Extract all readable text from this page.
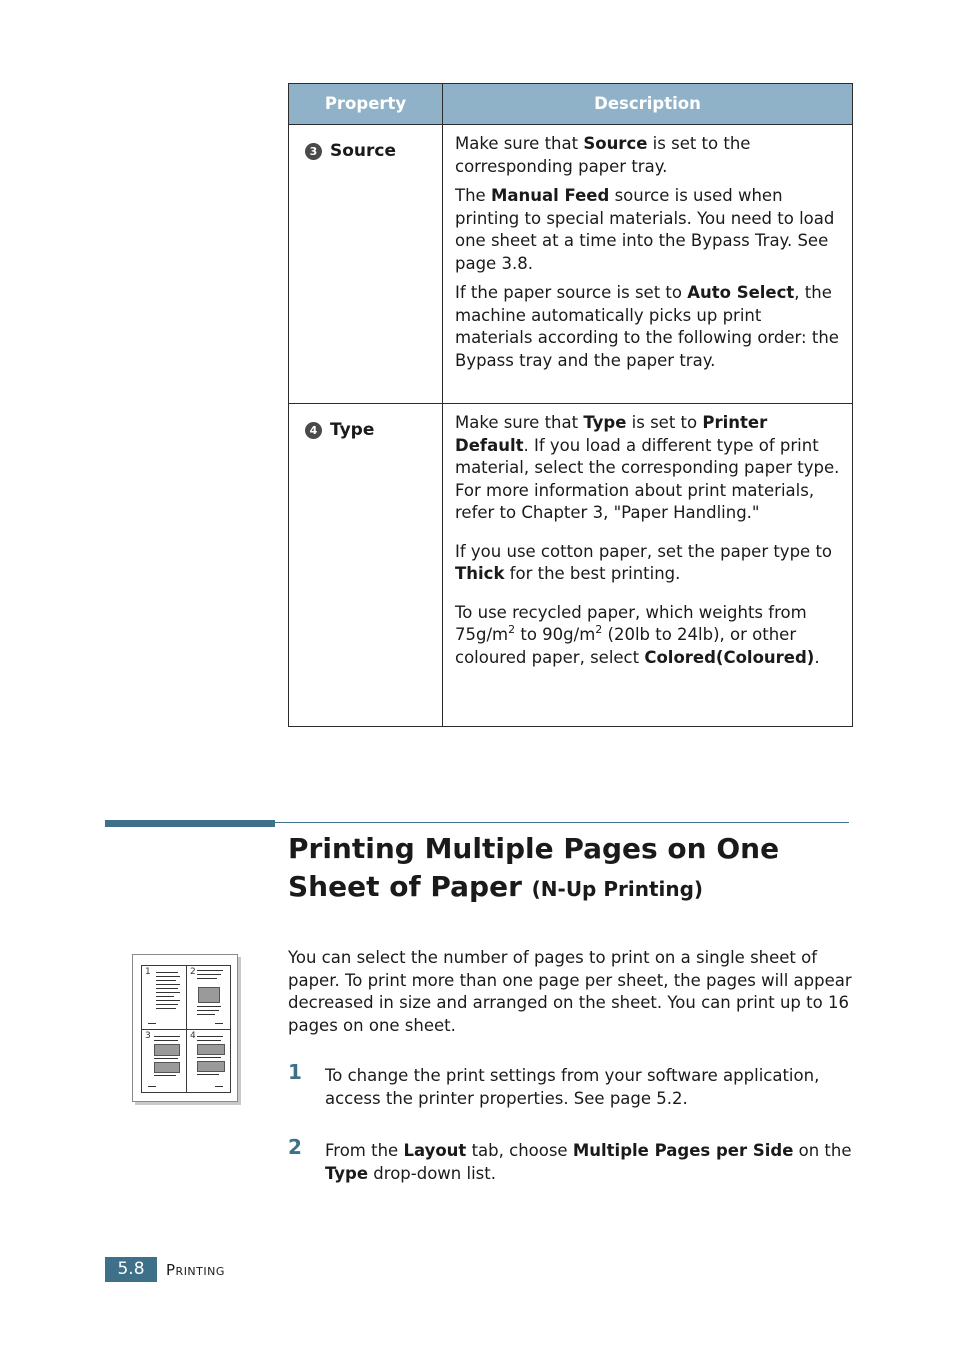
Property	Description
3 Source	Make sure that Source is set to the corresponding paper tray.

The Manual Feed source is used when printing to special materials. You need to load one sheet at a time into the Bypass Tray. See page 3.8.

If the paper source is set to Auto Select, the machine automatically picks up print materials according to the following order: the Bypass tray and the paper tray.

4 Type	Make sure that Type is set to Printer Default. If you load a different type of print material, select the corresponding paper type. For more information about print materials, refer to Chapter 3, "Paper Handling."

If you use cotton paper, set the paper type to Thick for the best printing.

To use recycled paper, which weights from $75g/m^2$ to $90g/m^2$ (20lb to 24lb), or other coloured paper, select Colored(Coloured).

Printing Multiple Pages on One Sheet of Paper (N-Up Printing)
1	2
3	4

You can select the number of pages to print on a single sheet of paper. To print more than one page per sheet, the pages will appear decreased in size and arranged on the sheet. You can print up to 16 pages on one sheet.

1 To change the print settings from your software application, access the printer properties. See page 5.2.
2 From the Layout tab, choose Multiple Pages per Side on the Type drop-down list.
5.8	Printing
